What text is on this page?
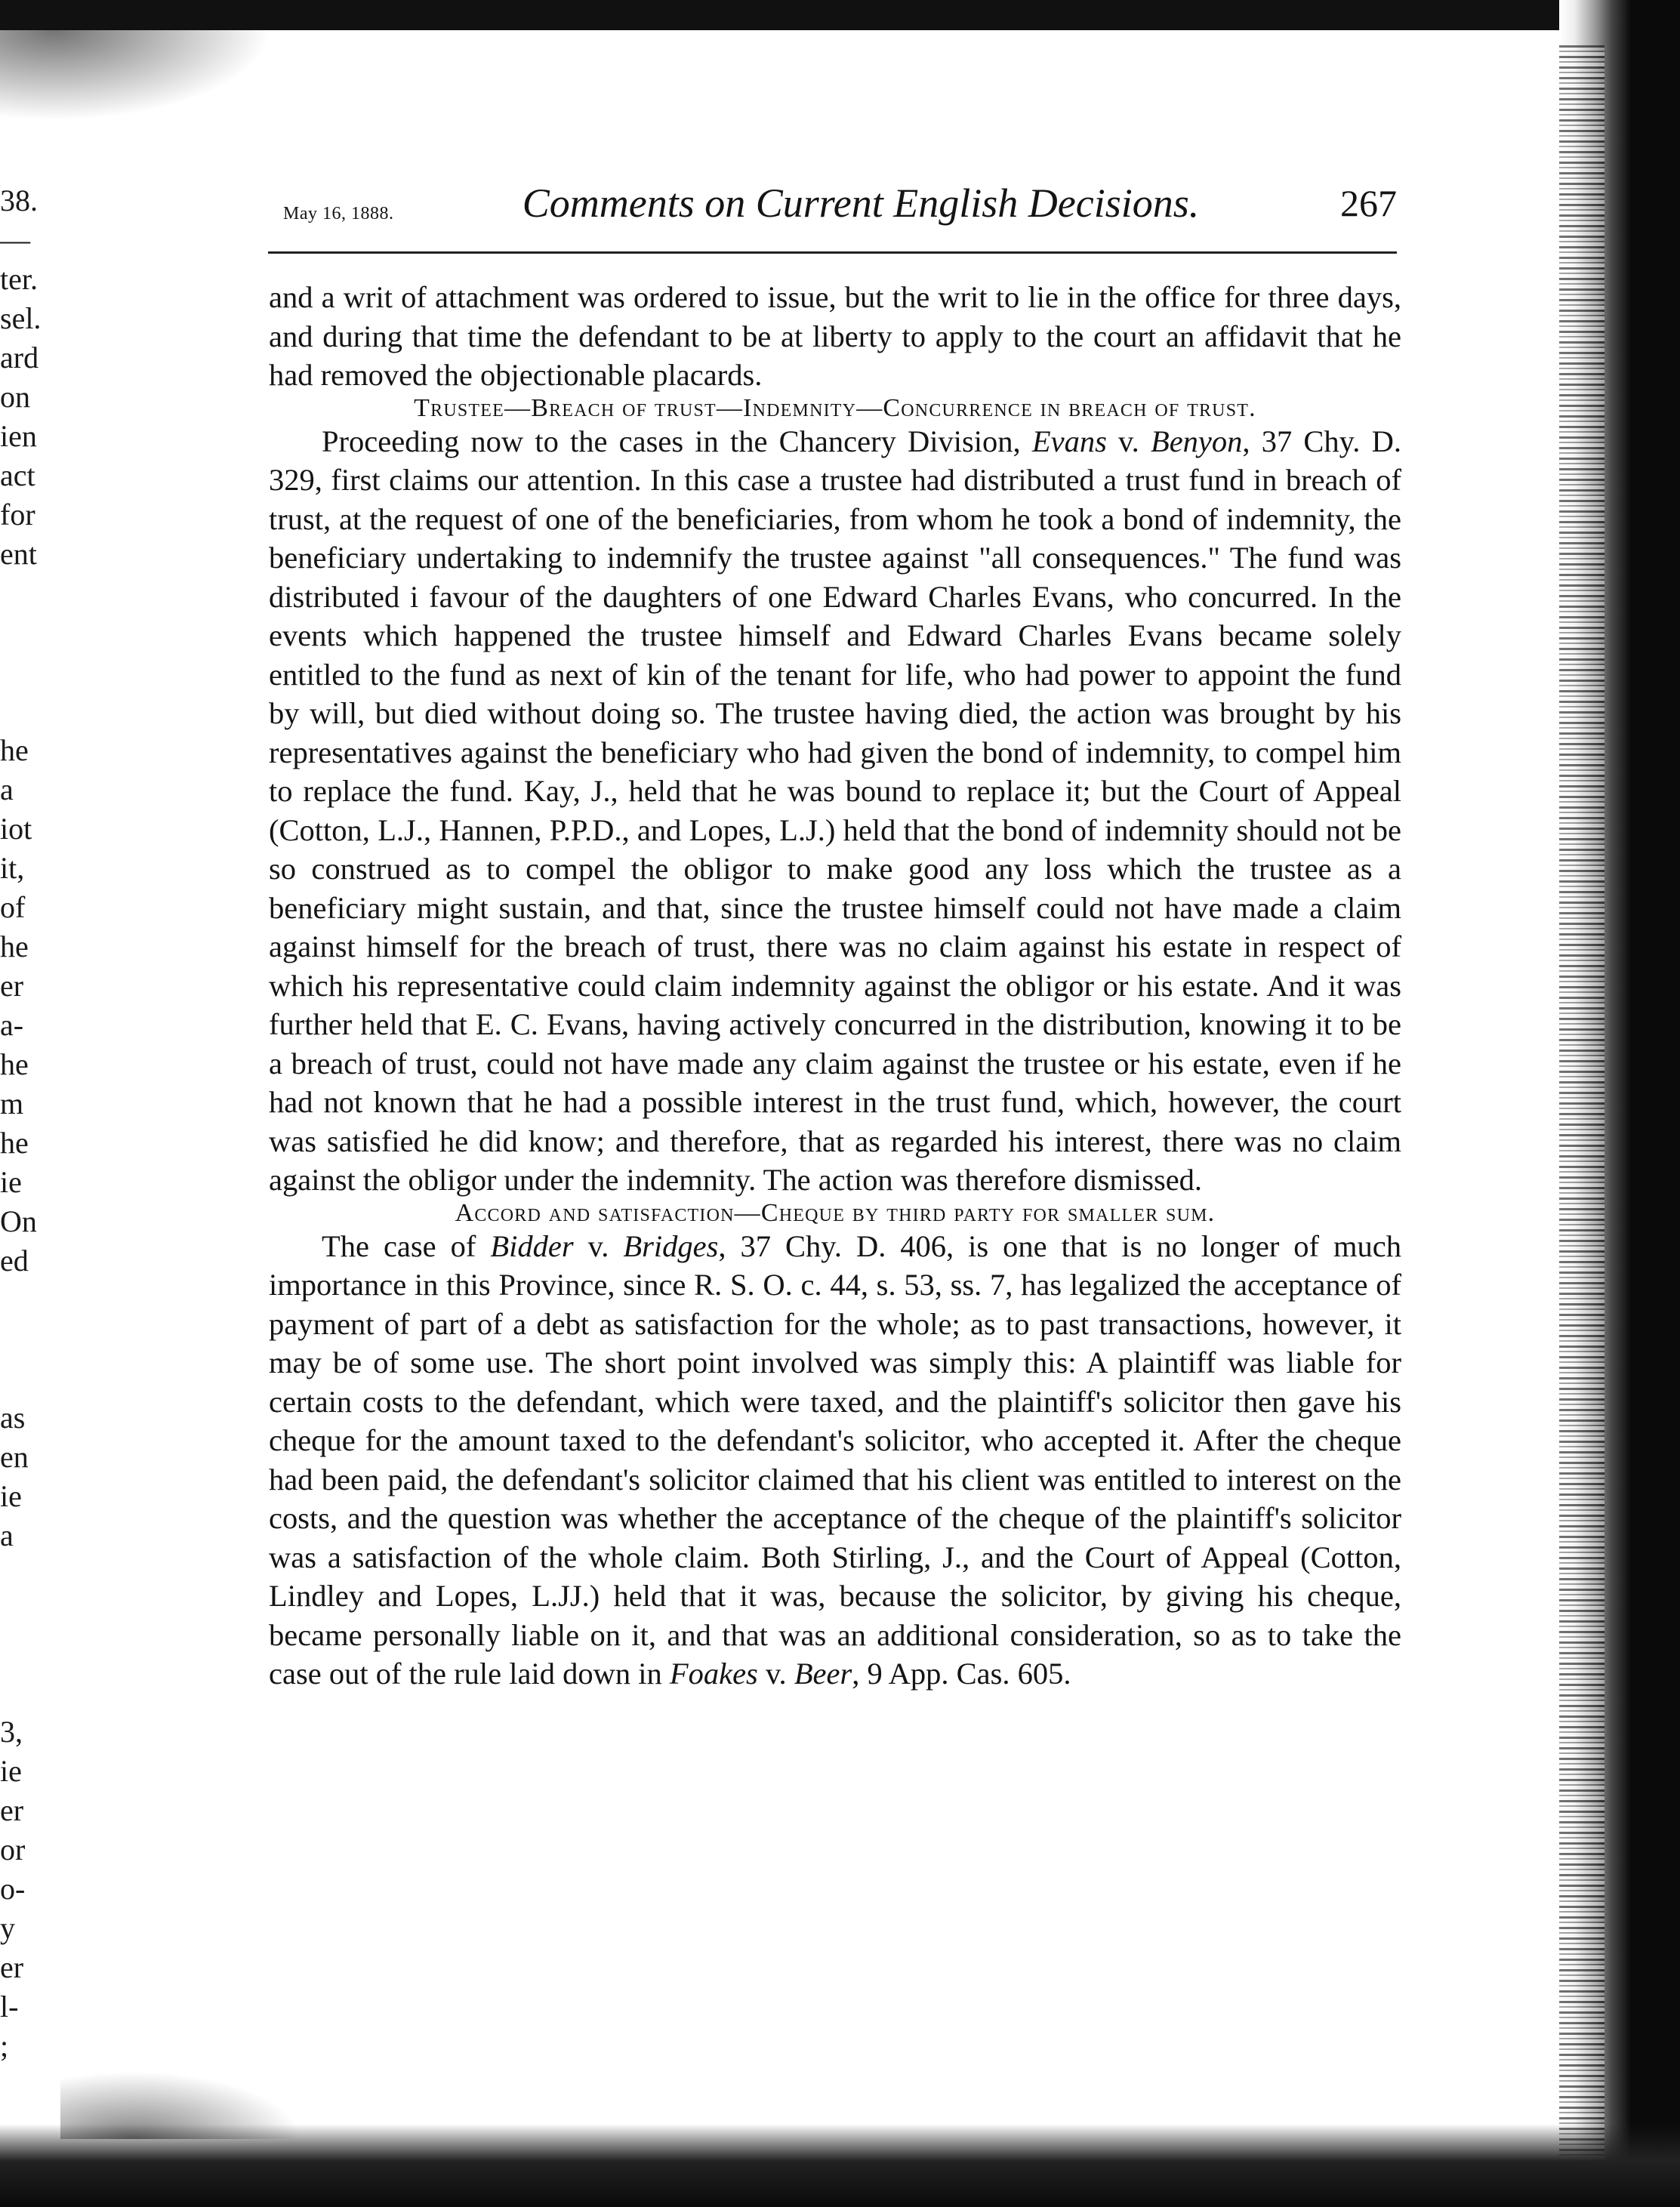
38.
—
ter.
sel.
ard
on
ien
act
for
ent
he
a
iot
it,
of
he
er
a-
he
m
he
ie
On
ed
as
en
ie
a
3,
ie
er
or
o-
y
er
l-
;
May 16, 1888.	Comments on Current English Decisions.	267

and a writ of attachment was ordered to issue, but the writ to lie in the office for three days, and during that time the defendant to be at liberty to apply to the court an affidavit that he had removed the objectionable placards.

Trustee—Breach of trust—Indemnity—Concurrence in breach of trust.

Proceeding now to the cases in the Chancery Division, Evans v. Benyon, 37 Chy. D. 329, first claims our attention. In this case a trustee had distributed a trust fund in breach of trust, at the request of one of the beneficiaries, from whom he took a bond of indemnity, the beneficiary undertaking to indemnify the trustee against "all consequences." The fund was distributed i favour of the daughters of one Edward Charles Evans, who concurred. In the events which happened the trustee himself and Edward Charles Evans became solely entitled to the fund as next of kin of the tenant for life, who had power to appoint the fund by will, but died without doing so. The trustee having died, the action was brought by his representatives against the beneficiary who had given the bond of indemnity, to compel him to replace the fund. Kay, J., held that he was bound to replace it; but the Court of Appeal (Cotton, L.J., Hannen, P.P.D., and Lopes, L.J.) held that the bond of indemnity should not be so construed as to compel the obligor to make good any loss which the trustee as a beneficiary might sustain, and that, since the trustee himself could not have made a claim against himself for the breach of trust, there was no claim against his estate in respect of which his representative could claim indemnity against the obligor or his estate. And it was further held that E. C. Evans, having actively concurred in the distribution, knowing it to be a breach of trust, could not have made any claim against the trustee or his estate, even if he had not known that he had a possible interest in the trust fund, which, however, the court was satisfied he did know; and therefore, that as regarded his interest, there was no claim against the obligor under the indemnity. The action was therefore dismissed.

Accord and satisfaction—Cheque by third party for smaller sum.

The case of Bidder v. Bridges, 37 Chy. D. 406, is one that is no longer of much importance in this Province, since R. S. O. c. 44, s. 53, ss. 7, has legalized the acceptance of payment of part of a debt as satisfaction for the whole; as to past transactions, however, it may be of some use. The short point involved was simply this: A plaintiff was liable for certain costs to the defendant, which were taxed, and the plaintiff's solicitor then gave his cheque for the amount taxed to the defendant's solicitor, who accepted it. After the cheque had been paid, the defendant's solicitor claimed that his client was entitled to interest on the costs, and the question was whether the acceptance of the cheque of the plaintiff's solicitor was a satisfaction of the whole claim. Both Stirling, J., and the Court of Appeal (Cotton, Lindley and Lopes, L.JJ.) held that it was, because the solicitor, by giving his cheque, became personally liable on it, and that was an additional consideration, so as to take the case out of the rule laid down in Foakes v. Beer, 9 App. Cas. 605.
